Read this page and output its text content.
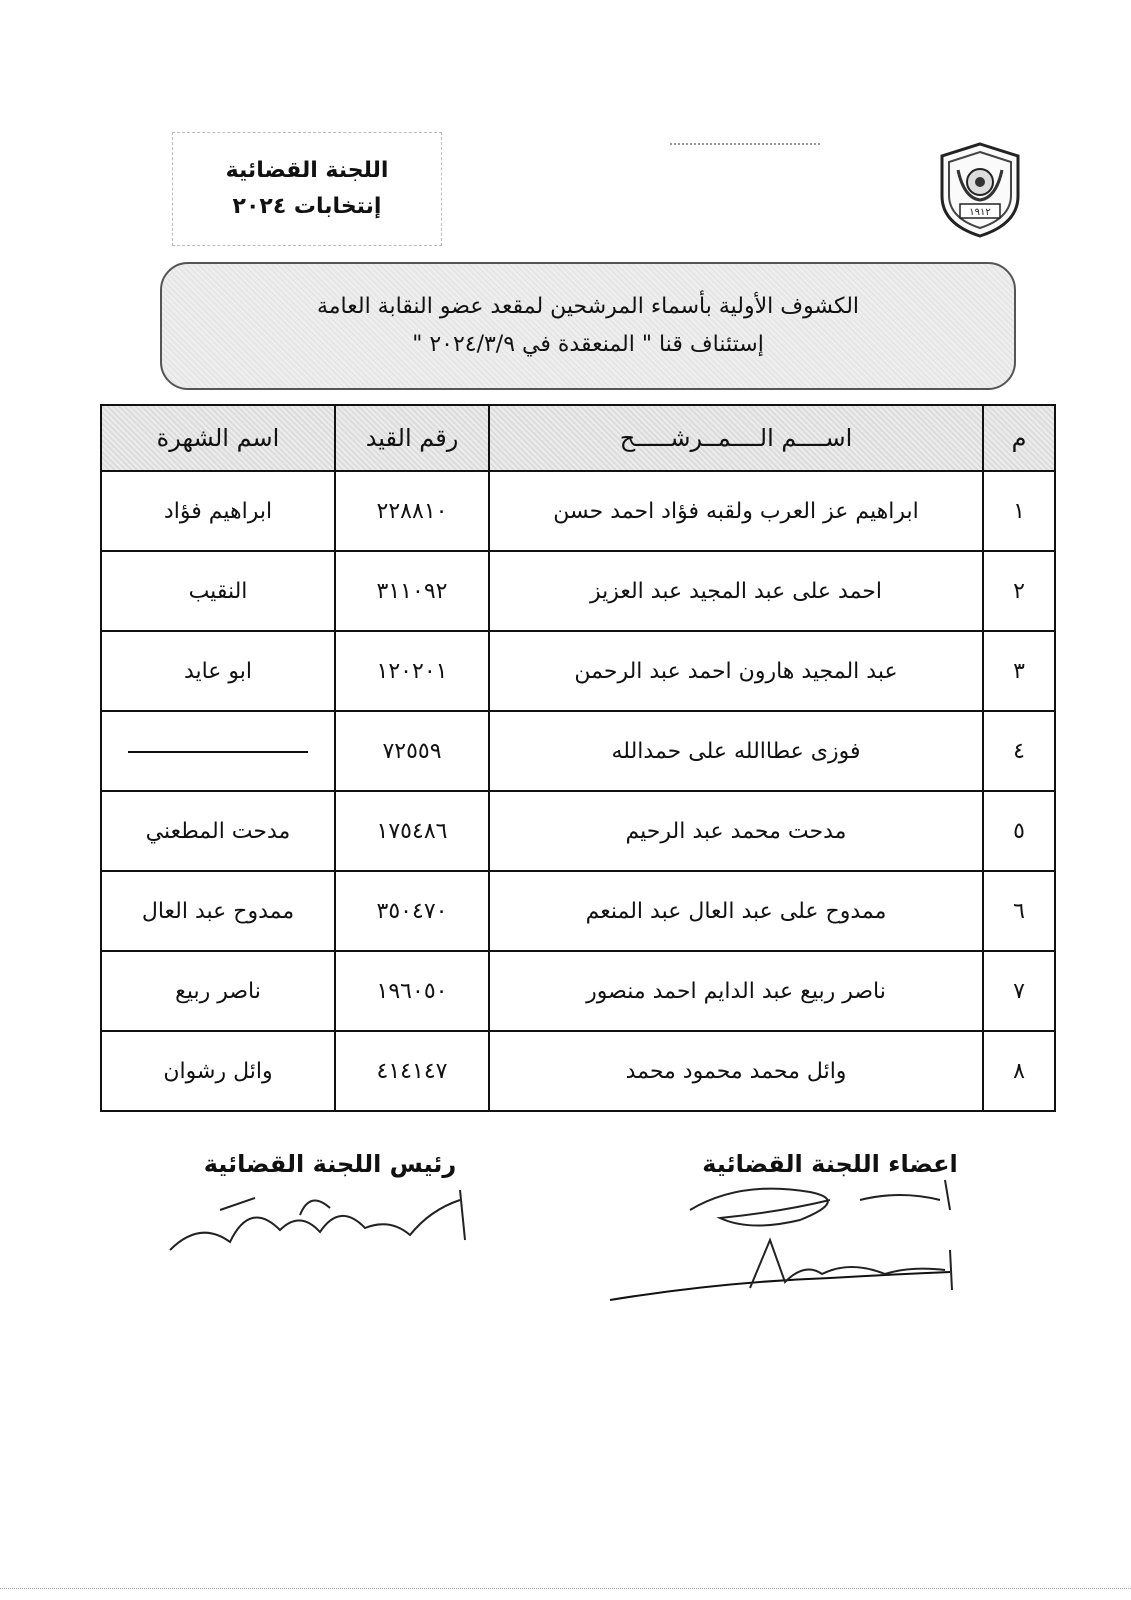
اللجنة القضائية
إنتخابات ٢٠٢٤	١٩١٢
الكشوف الأولية بأسماء المرشحين لمقعد عضو النقابة العامة
" إستئناف قنا " المنعقدة في ٢٠٢٤/٣/٩
م	اســــم الــــمــرشـــــح	رقم القيد	اسم الشهرة
١	ابراهيم عز العرب ولقبه فؤاد احمد حسن	٢٢٨٨١٠	ابراهيم فؤاد
٢	احمد على عبد المجيد عبد العزيز	٣١١٠٩٢	النقيب
٣	عبد المجيد هارون احمد عبد الرحمن	١٢٠٢٠١	ابو عايد
٤	فوزى عطاالله على حمدالله	٧٢٥٥٩	
٥	مدحت محمد عبد الرحيم	١٧٥٤٨٦	مدحت المطعني
٦	ممدوح على عبد العال عبد المنعم	٣٥٠٤٧٠	ممدوح عبد العال
٧	ناصر ربيع عبد الدايم احمد منصور	١٩٦٠٥٠	ناصر ربيع
٨	وائل محمد محمود محمد	٤١٤١٤٧	وائل رشوان
اعضاء اللجنة القضائية
رئيس اللجنة القضائية
